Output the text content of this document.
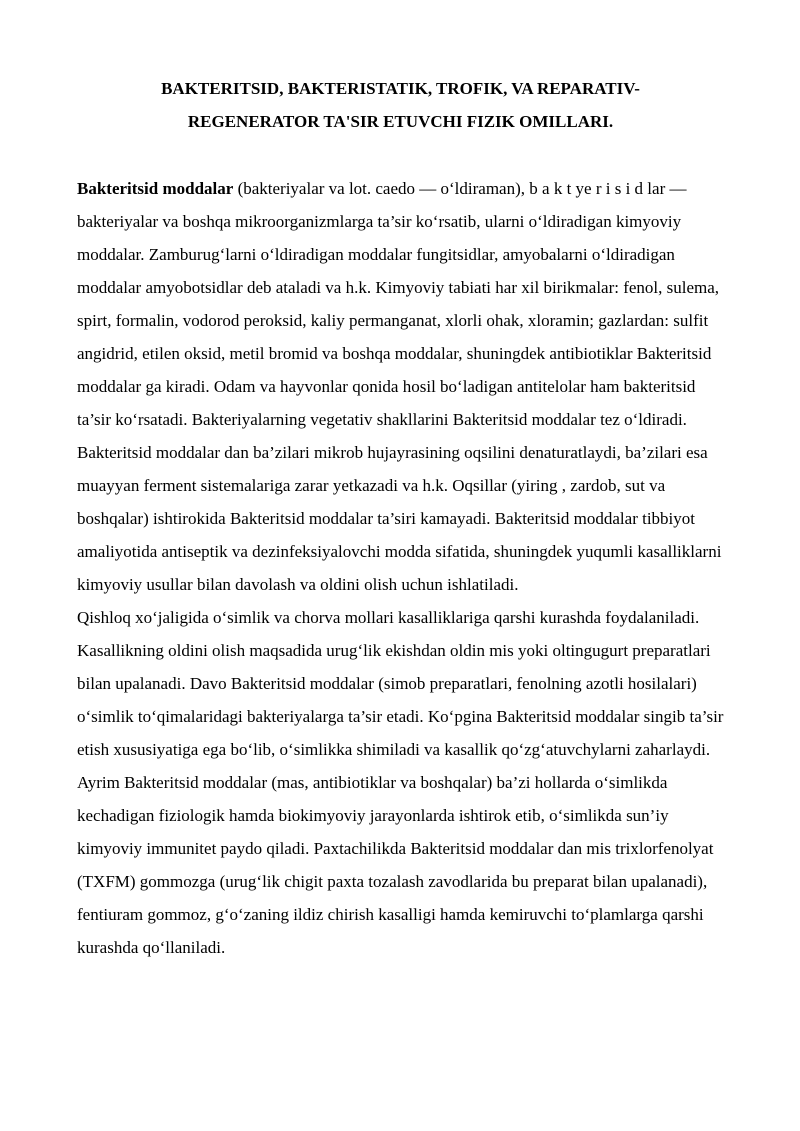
BAKTERITSID, BAKTERISTATIK, TROFIK, VA REPARATIV-
REGENERATOR TA'SIR ETUVCHI FIZIK OMILLARI.

Bakteritsid moddalar (bakteriyalar va lot. caedo — o‘ldiraman), b a k t ye r i s i d lar — bakteriyalar va boshqa mikroorganizmlarga ta’sir ko‘rsatib, ularni o‘ldiradigan kimyoviy moddalar. Zamburug‘larni o‘ldiradigan moddalar fungitsidlar, amyobalarni o‘ldiradigan moddalar amyobotsidlar deb ataladi va h.k. Kimyoviy tabiati har xil birikmalar: fenol, sulema, spirt, formalin, vodorod peroksid, kaliy permanganat, xlorli ohak, xloramin; gazlardan: sulfit angidrid, etilen oksid, metil bromid va boshqa moddalar, shuningdek antibiotiklar Bakteritsid moddalar ga kiradi. Odam va hayvonlar qonida hosil bo‘ladigan antitelolar ham bakteritsid ta’sir ko‘rsatadi. Bakteriyalarning vegetativ shakllarini Bakteritsid moddalar tez o‘ldiradi. Bakteritsid moddalar dan ba’zilari mikrob hujayrasining oqsilini denaturatlaydi, ba’zilari esa muayyan ferment sistemalariga zarar yetkazadi va h.k. Oqsillar (yiring , zardob, sut va boshqalar) ishtirokida Bakteritsid moddalar ta’siri kamayadi. Bakteritsid moddalar tibbiyot amaliyotida antiseptik va dezinfeksiyalovchi modda sifatida, shuningdek yuqumli kasalliklarni kimyoviy usullar bilan davolash va oldini olish uchun ishlatiladi.

Qishloq xo‘jaligida o‘simlik va chorva mollari kasalliklariga qarshi kurashda foydalaniladi. Kasallikning oldini olish maqsadida urug‘lik ekishdan oldin mis yoki oltingugurt preparatlari bilan upalanadi. Davo Bakteritsid moddalar (simob preparatlari, fenolning azotli hosilalari) o‘simlik to‘qimalaridagi bakteriyalarga ta’sir etadi. Ko‘pgina Bakteritsid moddalar singib ta’sir etish xususiyatiga ega bo‘lib, o‘simlikka shimiladi va kasallik qo‘zg‘atuvchylarni zaharlaydi. Ayrim Bakteritsid moddalar (mas, antibiotiklar va boshqalar) ba’zi hollarda o‘simlikda kechadigan fiziologik hamda biokimyoviy jarayonlarda ishtirok etib, o‘simlikda sun’iy kimyoviy immunitet paydo qiladi. Paxtachilikda Bakteritsid moddalar dan mis trixlorfenolyat (TXFM) gommozga (urug‘lik chigit paxta tozalash zavodlarida bu preparat bilan upalanadi), fentiuram gommoz, g‘o‘zaning ildiz chirish kasalligi hamda kemiruvchi to‘plamlarga qarshi kurashda qo‘llaniladi.
